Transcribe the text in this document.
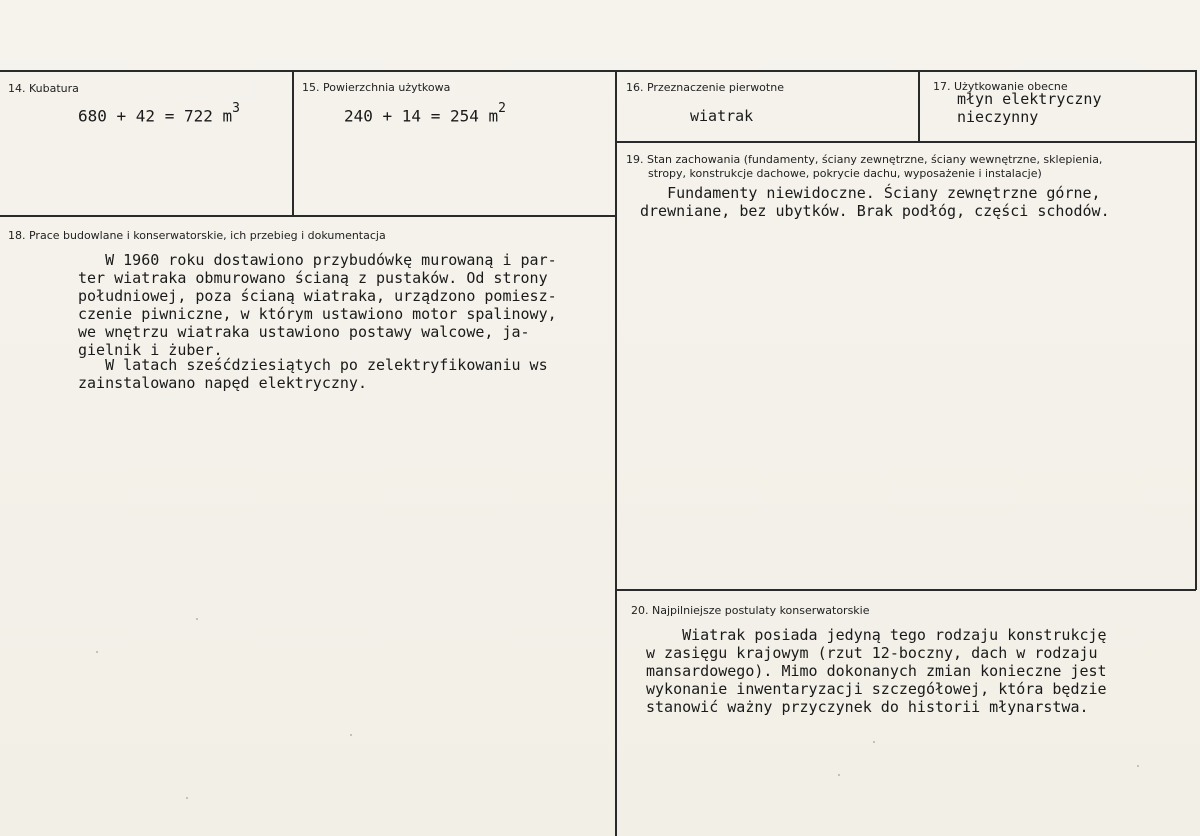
14. Kubatura
680 + 42 = 722 $m^3$
15. Powierzchnia użytkowa
240 + 14 = 254 $m^2$
16. Przeznaczenie pierwotne
wiatrak
17. Użytkowanie obecne
młyn elektryczny
nieczynny
18. Prace budowlane i konserwatorskie, ich przebieg i dokumentacja
W 1960 roku dostawiono przybudówkę murowaną i par-
ter wiatraka obmurowano ścianą z pustaków. Od strony
południowej, poza ścianą wiatraka, urządzono pomiesz-
czenie piwniczne, w którym ustawiono motor spalinowy,
we wnętrzu wiatraka ustawiono postawy walcowe, ja-
gielnik i żuber.
W latach sześćdziesiątych po zelektryfikowaniu ws
zainstalowano napęd elektryczny.
19. Stan zachowania (fundamenty, ściany zewnętrzne, ściany wewnętrzne, sklepienia,
stropy, konstrukcje dachowe, pokrycie dachu, wyposażenie i instalacje)
Fundamenty niewidoczne. Ściany zewnętrzne górne,
drewniane, bez ubytków. Brak podłóg, części schodów.
20. Najpilniejsze postulaty konserwatorskie
Wiatrak posiada jedyną tego rodzaju konstrukcję
w zasięgu krajowym (rzut 12-boczny, dach w rodzaju
mansardowego). Mimo dokonanych zmian konieczne jest
wykonanie inwentaryzacji szczegółowej, która będzie
stanowić ważny przyczynek do historii młynarstwa.
